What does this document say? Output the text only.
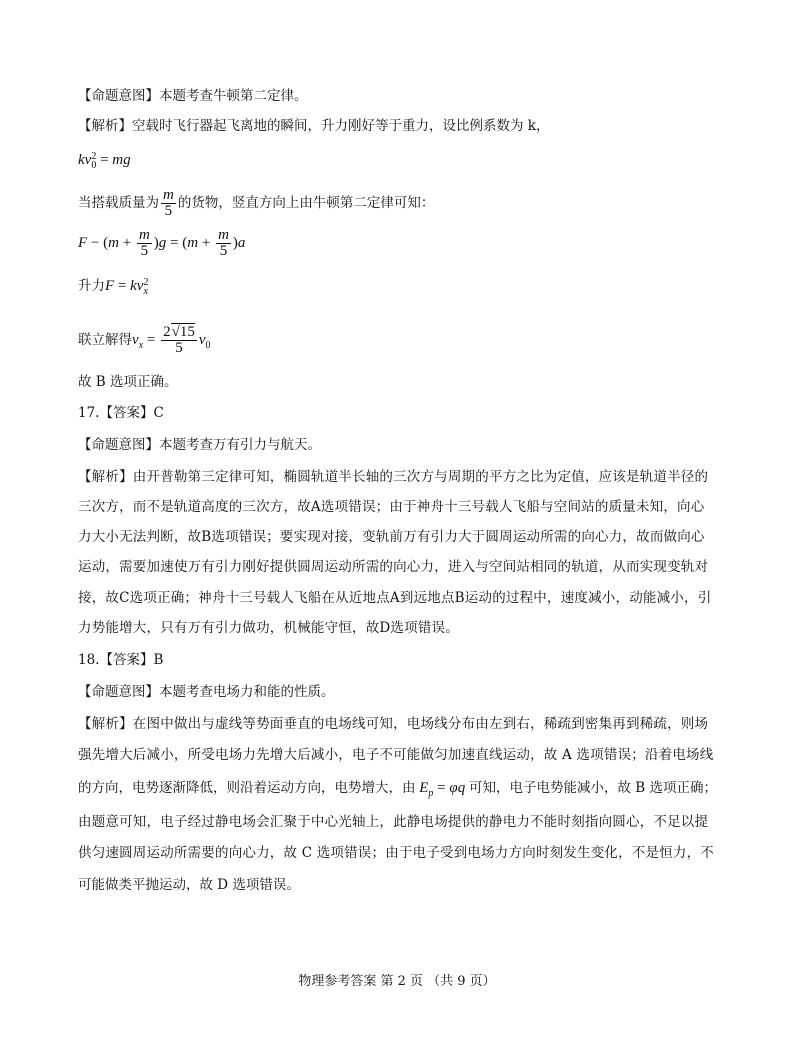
【命题意图】本题考查牛顿第二定律。
【解析】空载时飞行器起飞离地的瞬间，升力刚好等于重力，设比例系数为 k，
kv 2
0 = mg
当搭载质量为 $\frac{m}{5}$ 的货物，竖直方向上由牛顿第二定律可知：
$F - (m + \frac{m}{5} )g = (m + \frac{m}{5} )a$
升力F = kv 2
x
联立解得$v_x = \frac{2√15}{5} v_0$
故 B 选项正确。
17.【答案】C
【命题意图】本题考查万有引力与航天。
【解析】由开普勒第三定律可知，椭圆轨道半长轴的三次方与周期的平方之比为定值，应该是轨道半径的
三次方，而不是轨道高度的三次方，故A选项错误；由于神舟十三号载人飞船与空间站的质量未知，向心
力大小无法判断，故B选项错误；要实现对接，变轨前万有引力大于圆周运动所需的向心力，故而做向心
运动，需要加速使万有引力刚好提供圆周运动所需的向心力，进入与空间站相同的轨道，从而实现变轨对
接，故C选项正确；神舟十三号载人飞船在从近地点A到远地点B运动的过程中，速度减小，动能减小，引
力势能增大，只有万有引力做功，机械能守恒，故D选项错误。
18.【答案】B
【命题意图】本题考查电场力和能的性质。
【解析】在图中做出与虚线等势面垂直的电场线可知，电场线分布由左到右，稀疏到密集再到稀疏，则场
强先增大后减小，所受电场力先增大后减小，电子不可能做匀加速直线运动，故 A 选项错误；沿着电场线
的方向，电势逐渐降低，则沿着运动方向，电势增大，由 $E_p = \varphi q$ 可知，电子电势能减小，故 B 选项正确；
由题意可知，电子经过静电场会汇聚于中心光轴上，此静电场提供的静电力不能时刻指向圆心，不足以提
供匀速圆周运动所需要的向心力，故 C 选项错误；由于电子受到电场力方向时刻发生变化，不是恒力，不
可能做类平抛运动，故 D 选项错误。
物理参考答案 第 2 页 （共 9 页）
